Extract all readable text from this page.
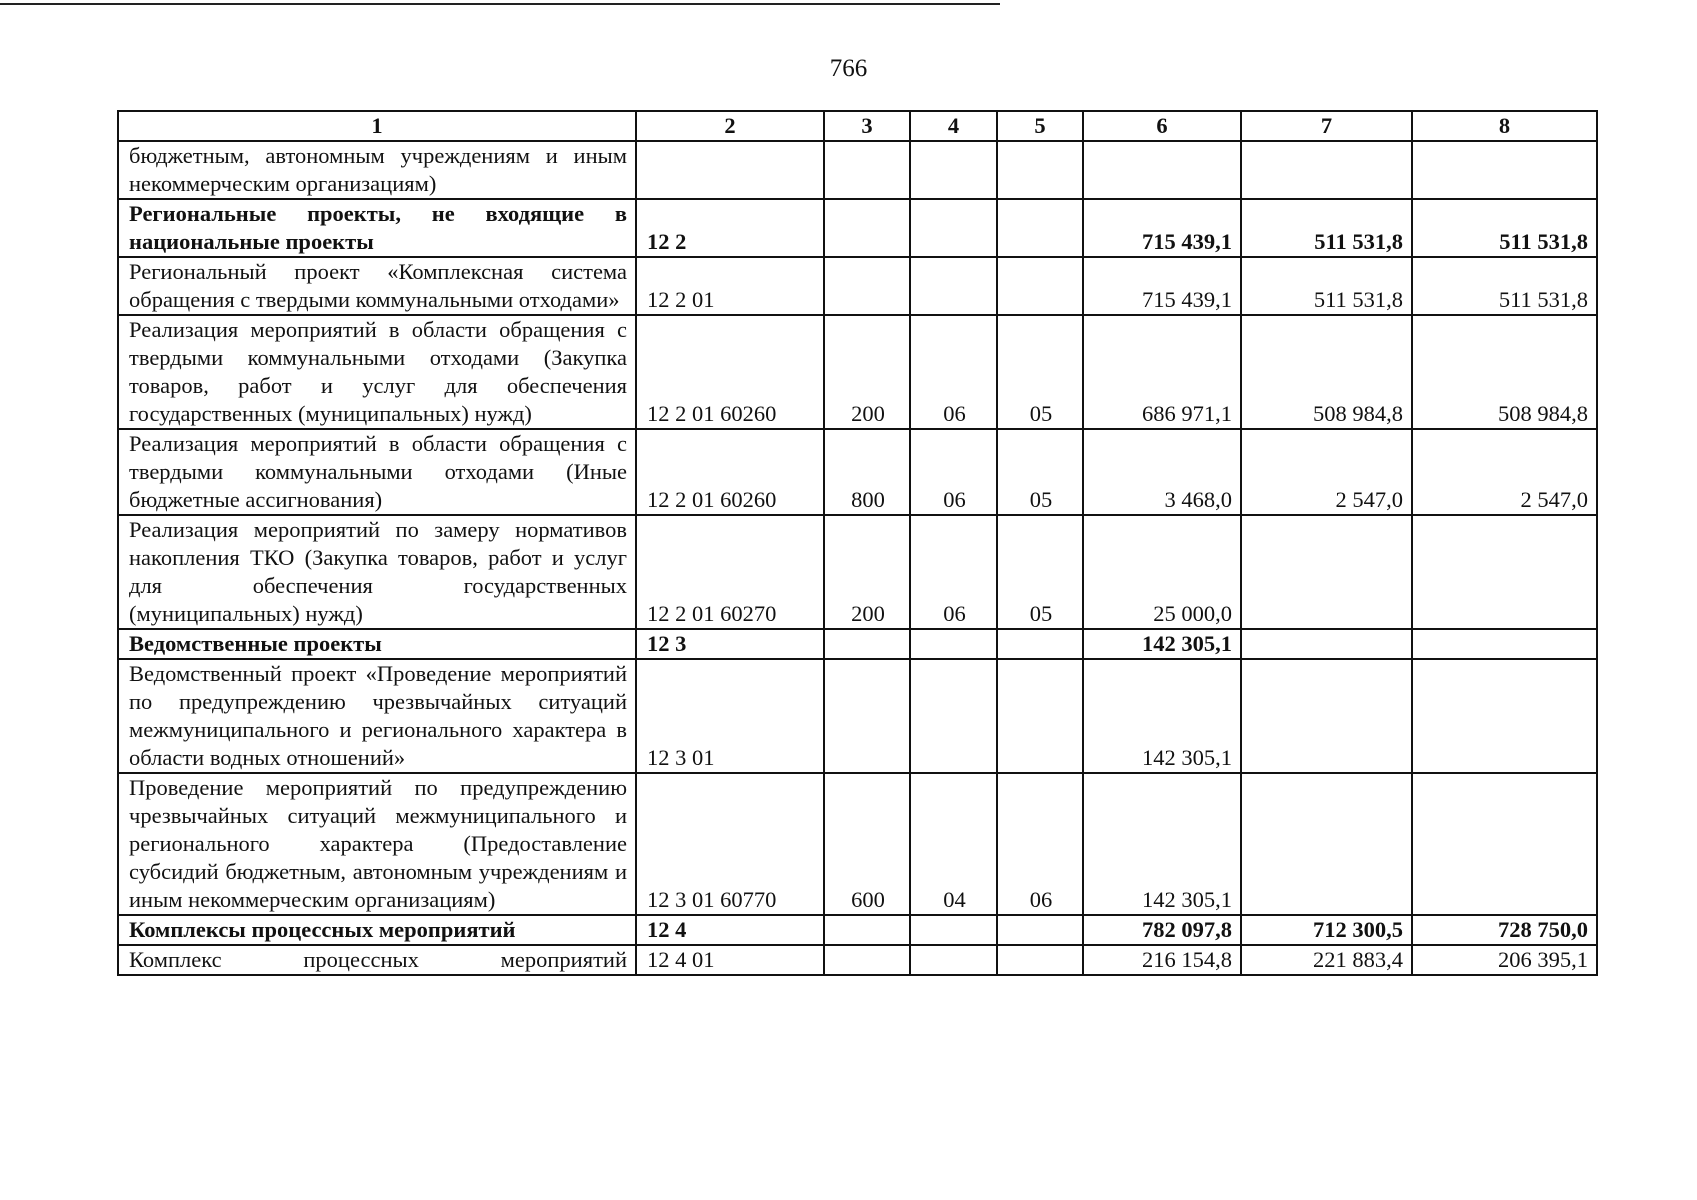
766
1	2	3	4	5	6	7	8
бюджетным, автономным учреждениям и иным некоммерческим организациям)							
Региональные проекты, не входящие в национальные проекты	12 2				715 439,1	511 531,8	511 531,8
Региональный проект «Комплексная система обращения с твердыми коммунальными отходами»	12 2 01				715 439,1	511 531,8	511 531,8
Реализация мероприятий в области обращения с твердыми коммунальными отходами (Закупка товаров, работ и услуг для обеспечения государственных (муниципальных) нужд)	12 2 01 60260	200	06	05	686 971,1	508 984,8	508 984,8
Реализация мероприятий в области обращения с твердыми коммунальными отходами (Иные бюджетные ассигнования)	12 2 01 60260	800	06	05	3 468,0	2 547,0	2 547,0
Реализация мероприятий по замеру нормативов накопления ТКО (Закупка товаров, работ и услуг для обеспечения государственных (муниципальных) нужд)	12 2 01 60270	200	06	05	25 000,0		
Ведомственные проекты	12 3				142 305,1		
Ведомственный проект «Проведение мероприятий по предупреждению чрезвычайных ситуаций межмуниципального и регионального характера в области водных отношений»	12 3 01				142 305,1		
Проведение мероприятий по предупреждению чрезвычайных ситуаций межмуниципального и регионального характера (Предоставление субсидий бюджетным, автономным учреждениям и иным некоммерческим организациям)	12 3 01 60770	600	04	06	142 305,1		
Комплексы процессных мероприятий	12 4				782 097,8	712 300,5	728 750,0
Комплекс процессных мероприятий	12 4 01				216 154,8	221 883,4	206 395,1
